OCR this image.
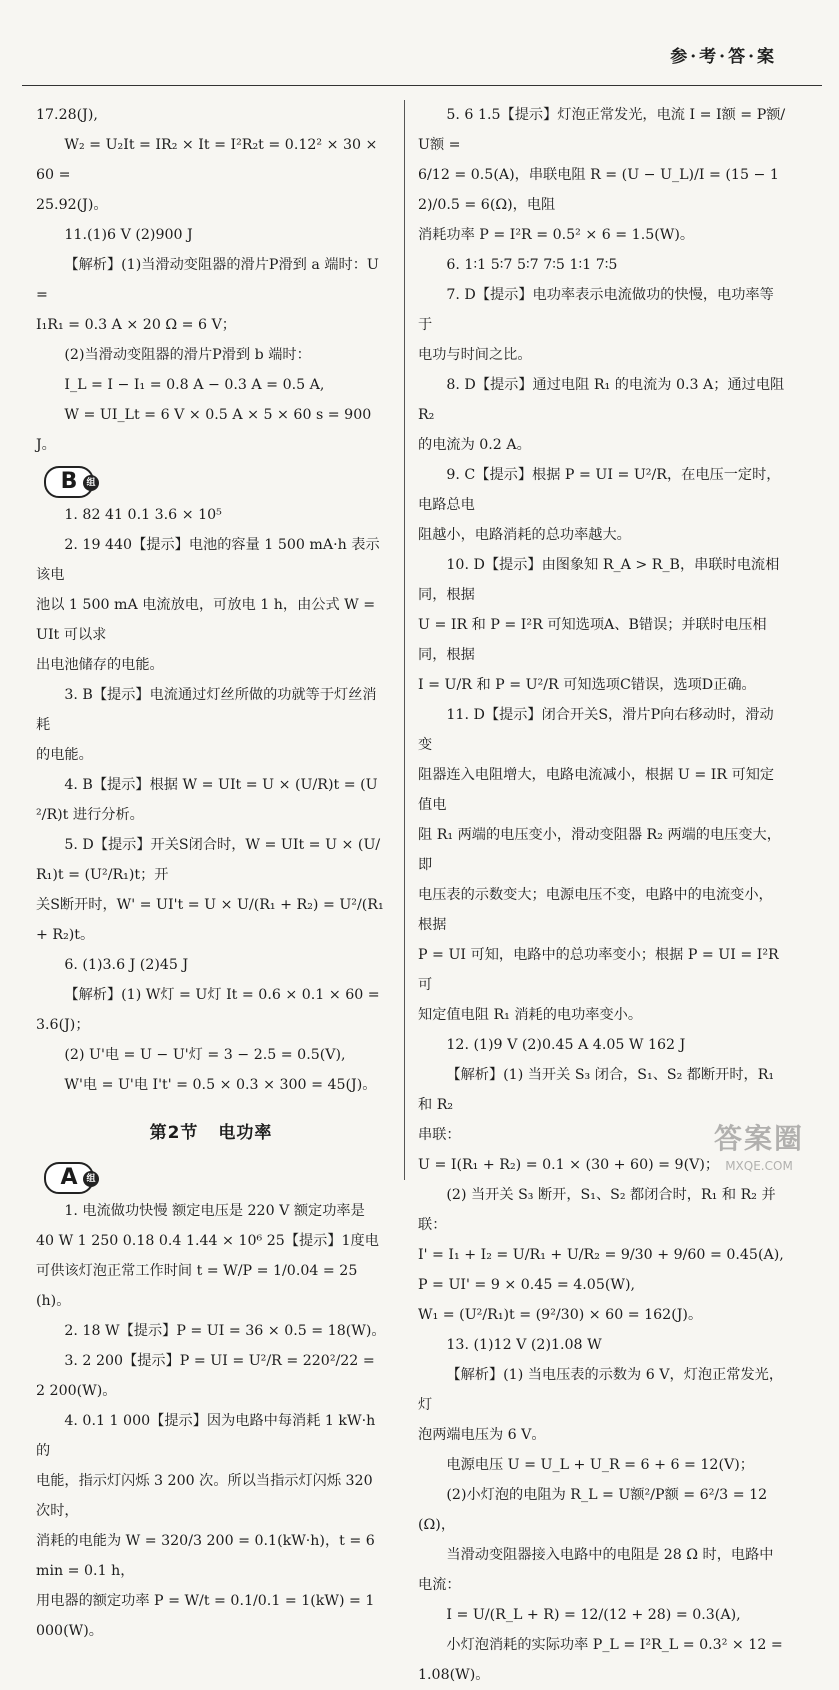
参·考·答·案

17.28(J),

W₂ = U₂It = IR₂ × It = I²R₂t = 0.12² × 30 × 60 =

25.92(J)。

11.(1)6 V (2)900 J

【解析】(1)当滑动变阻器的滑片P滑到 a 端时：U =

I₁R₁ = 0.3 A × 20 Ω = 6 V；

(2)当滑动变阻器的滑片P滑到 b 端时：

I_L = I − I₁ = 0.8 A − 0.3 A = 0.5 A,

W = UI_Lt = 6 V × 0.5 A × 5 × 60 s = 900 J。

B	组

1. 82 41 0.1 3.6 × 10⁵

2. 19 440【提示】电池的容量 1 500 mA·h 表示该电

池以 1 500 mA 电流放电，可放电 1 h，由公式 W = UIt 可以求

出电池储存的电能。

3. B【提示】电流通过灯丝所做的功就等于灯丝消耗

的电能。

4. B【提示】根据 W = UIt = U × (U/R)t = (U²/R)t 进行分析。

5. D【提示】开关S闭合时，W = UIt = U × (U/R₁)t = (U²/R₁)t；开

关S断开时，W' = UI't = U × U/(R₁ + R₂) = U²/(R₁ + R₂)t。

6. (1)3.6 J (2)45 J

【解析】(1) W灯 = U灯 It = 0.6 × 0.1 × 60 = 3.6(J)；

(2) U'电 = U − U'灯 = 3 − 2.5 = 0.5(V),

W'电 = U'电 I't' = 0.5 × 0.3 × 300 = 45(J)。

第2节 电功率
A 组

1. 电流做功快慢 额定电压是 220 V 额定功率是

40 W 1 250 0.18 0.4 1.44 × 10⁶ 25【提示】1度电

可供该灯泡正常工作时间 t = W/P = 1/0.04 = 25(h)。

2. 18 W【提示】P = UI = 36 × 0.5 = 18(W)。

3. 2 200【提示】P = UI = U²/R = 220²/22 = 2 200(W)。

4. 0.1 1 000【提示】因为电路中每消耗 1 kW·h 的

电能，指示灯闪烁 3 200 次。所以当指示灯闪烁 320 次时，

消耗的电能为 W = 320/3 200 = 0.1(kW·h)，t = 6 min = 0.1 h，

用电器的额定功率 P = W/t = 0.1/0.1 = 1(kW) = 1 000(W)。

5. 6 1.5【提示】灯泡正常发光，电流 I = I额 = P额/U额 =

6/12 = 0.5(A)，串联电阻 R = (U − U_L)/I = (15 − 12)/0.5 = 6(Ω)，电阻

消耗功率 P = I²R = 0.5² × 6 = 1.5(W)。

6. 1∶1 5∶7 5∶7 7∶5 1∶1 7∶5

7. D【提示】电功率表示电流做功的快慢，电功率等于

电功与时间之比。

8. D【提示】通过电阻 R₁ 的电流为 0.3 A；通过电阻 R₂

的电流为 0.2 A。

9. C【提示】根据 P = UI = U²/R，在电压一定时，电路总电

阻越小，电路消耗的总功率越大。

10. D【提示】由图象知 R_A > R_B，串联时电流相同，根据

U = IR 和 P = I²R 可知选项A、B错误；并联时电压相同，根据

I = U/R 和 P = U²/R 可知选项C错误，选项D正确。

11. D【提示】闭合开关S，滑片P向右移动时，滑动变

阻器连入电阻增大，电路电流减小，根据 U = IR 可知定值电

阻 R₁ 两端的电压变小，滑动变阻器 R₂ 两端的电压变大，即

电压表的示数变大；电源电压不变，电路中的电流变小，根据

P = UI 可知，电路中的总功率变小；根据 P = UI = I²R 可

知定值电阻 R₁ 消耗的电功率变小。

12. (1)9 V (2)0.45 A 4.05 W 162 J

【解析】(1) 当开关 S₃ 闭合，S₁、S₂ 都断开时，R₁ 和 R₂

串联：

U = I(R₁ + R₂) = 0.1 × (30 + 60) = 9(V)；

(2) 当开关 S₃ 断开，S₁、S₂ 都闭合时，R₁ 和 R₂ 并联：

I' = I₁ + I₂ = U/R₁ + U/R₂ = 9/30 + 9/60 = 0.45(A),

P = UI' = 9 × 0.45 = 4.05(W),

W₁ = (U²/R₁)t = (9²/30) × 60 = 162(J)。

13. (1)12 V (2)1.08 W

【解析】(1) 当电压表的示数为 6 V，灯泡正常发光，灯

泡两端电压为 6 V。

电源电压 U = U_L + U_R = 6 + 6 = 12(V)；

(2)小灯泡的电阻为 R_L = U额²/P额 = 6²/3 = 12(Ω)，

当滑动变阻器接入电路中的电阻是 28 Ω 时，电路中

电流：

I = U/(R_L + R) = 12/(12 + 28) = 0.3(A),

小灯泡消耗的实际功率 P_L = I²R_L = 0.3² × 12 = 1.08(W)。

答案圈
MXQE.COM
